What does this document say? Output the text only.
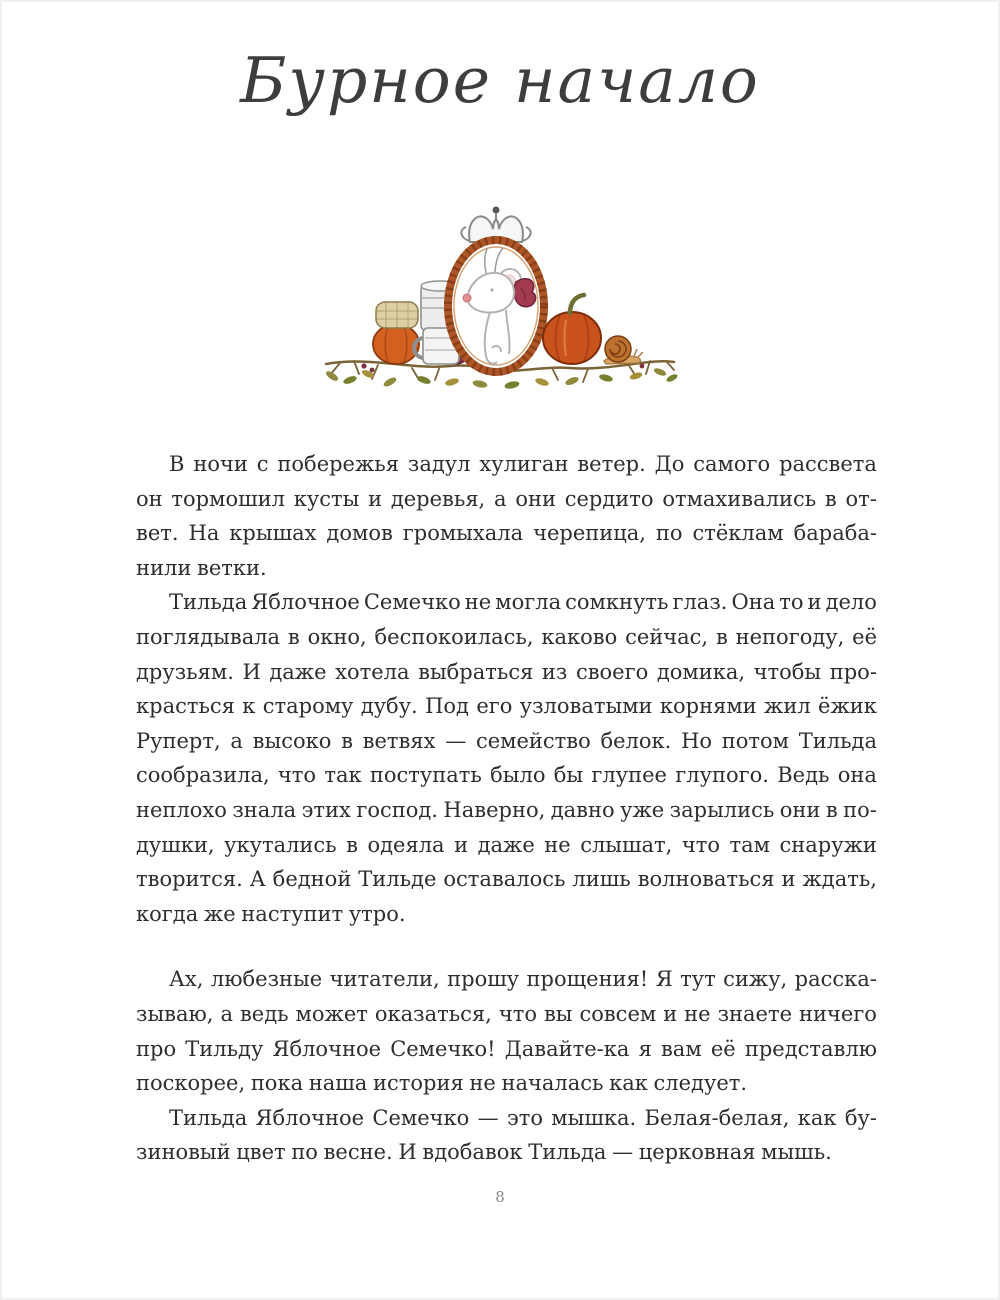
Бурное начало

В ночи с побережья задул хулиган ветер. До самого рассвета
он тормошил кусты и деревья, а они сердито отмахивались в от-
вет. На крышах домов громыхала черепица, по стёклам бараба-
нили ветки.

Тильда Яблочное Семечко не могла сомкнуть глаз. Она то и дело
поглядывала в окно, беспокоилась, каково сейчас, в непогоду, её
друзьям. И даже хотела выбраться из своего домика, чтобы про-
красться к старому дубу. Под его узловатыми корнями жил ёжик
Руперт, а высоко в ветвях — семейство белок. Но потом Тильда
сообразила, что так поступать было бы глупее глупого. Ведь она
неплохо знала этих господ. Наверно, давно уже зарылись они в по-
душки, укутались в одеяла и даже не слышат, что там снаружи
творится. А бедной Тильде оставалось лишь волноваться и ждать,
когда же наступит утро.

Ах, любезные читатели, прошу прощения! Я тут сижу, расска-
зываю, а ведь может оказаться, что вы совсем и не знаете ничего
про Тильду Яблочное Семечко! Давайте-ка я вам её представлю
поскорее, пока наша история не началась как следует.

Тильда Яблочное Семечко — это мышка. Белая-белая, как бу-
зиновый цвет по весне. И вдобавок Тильда — церковная мышь.

8
